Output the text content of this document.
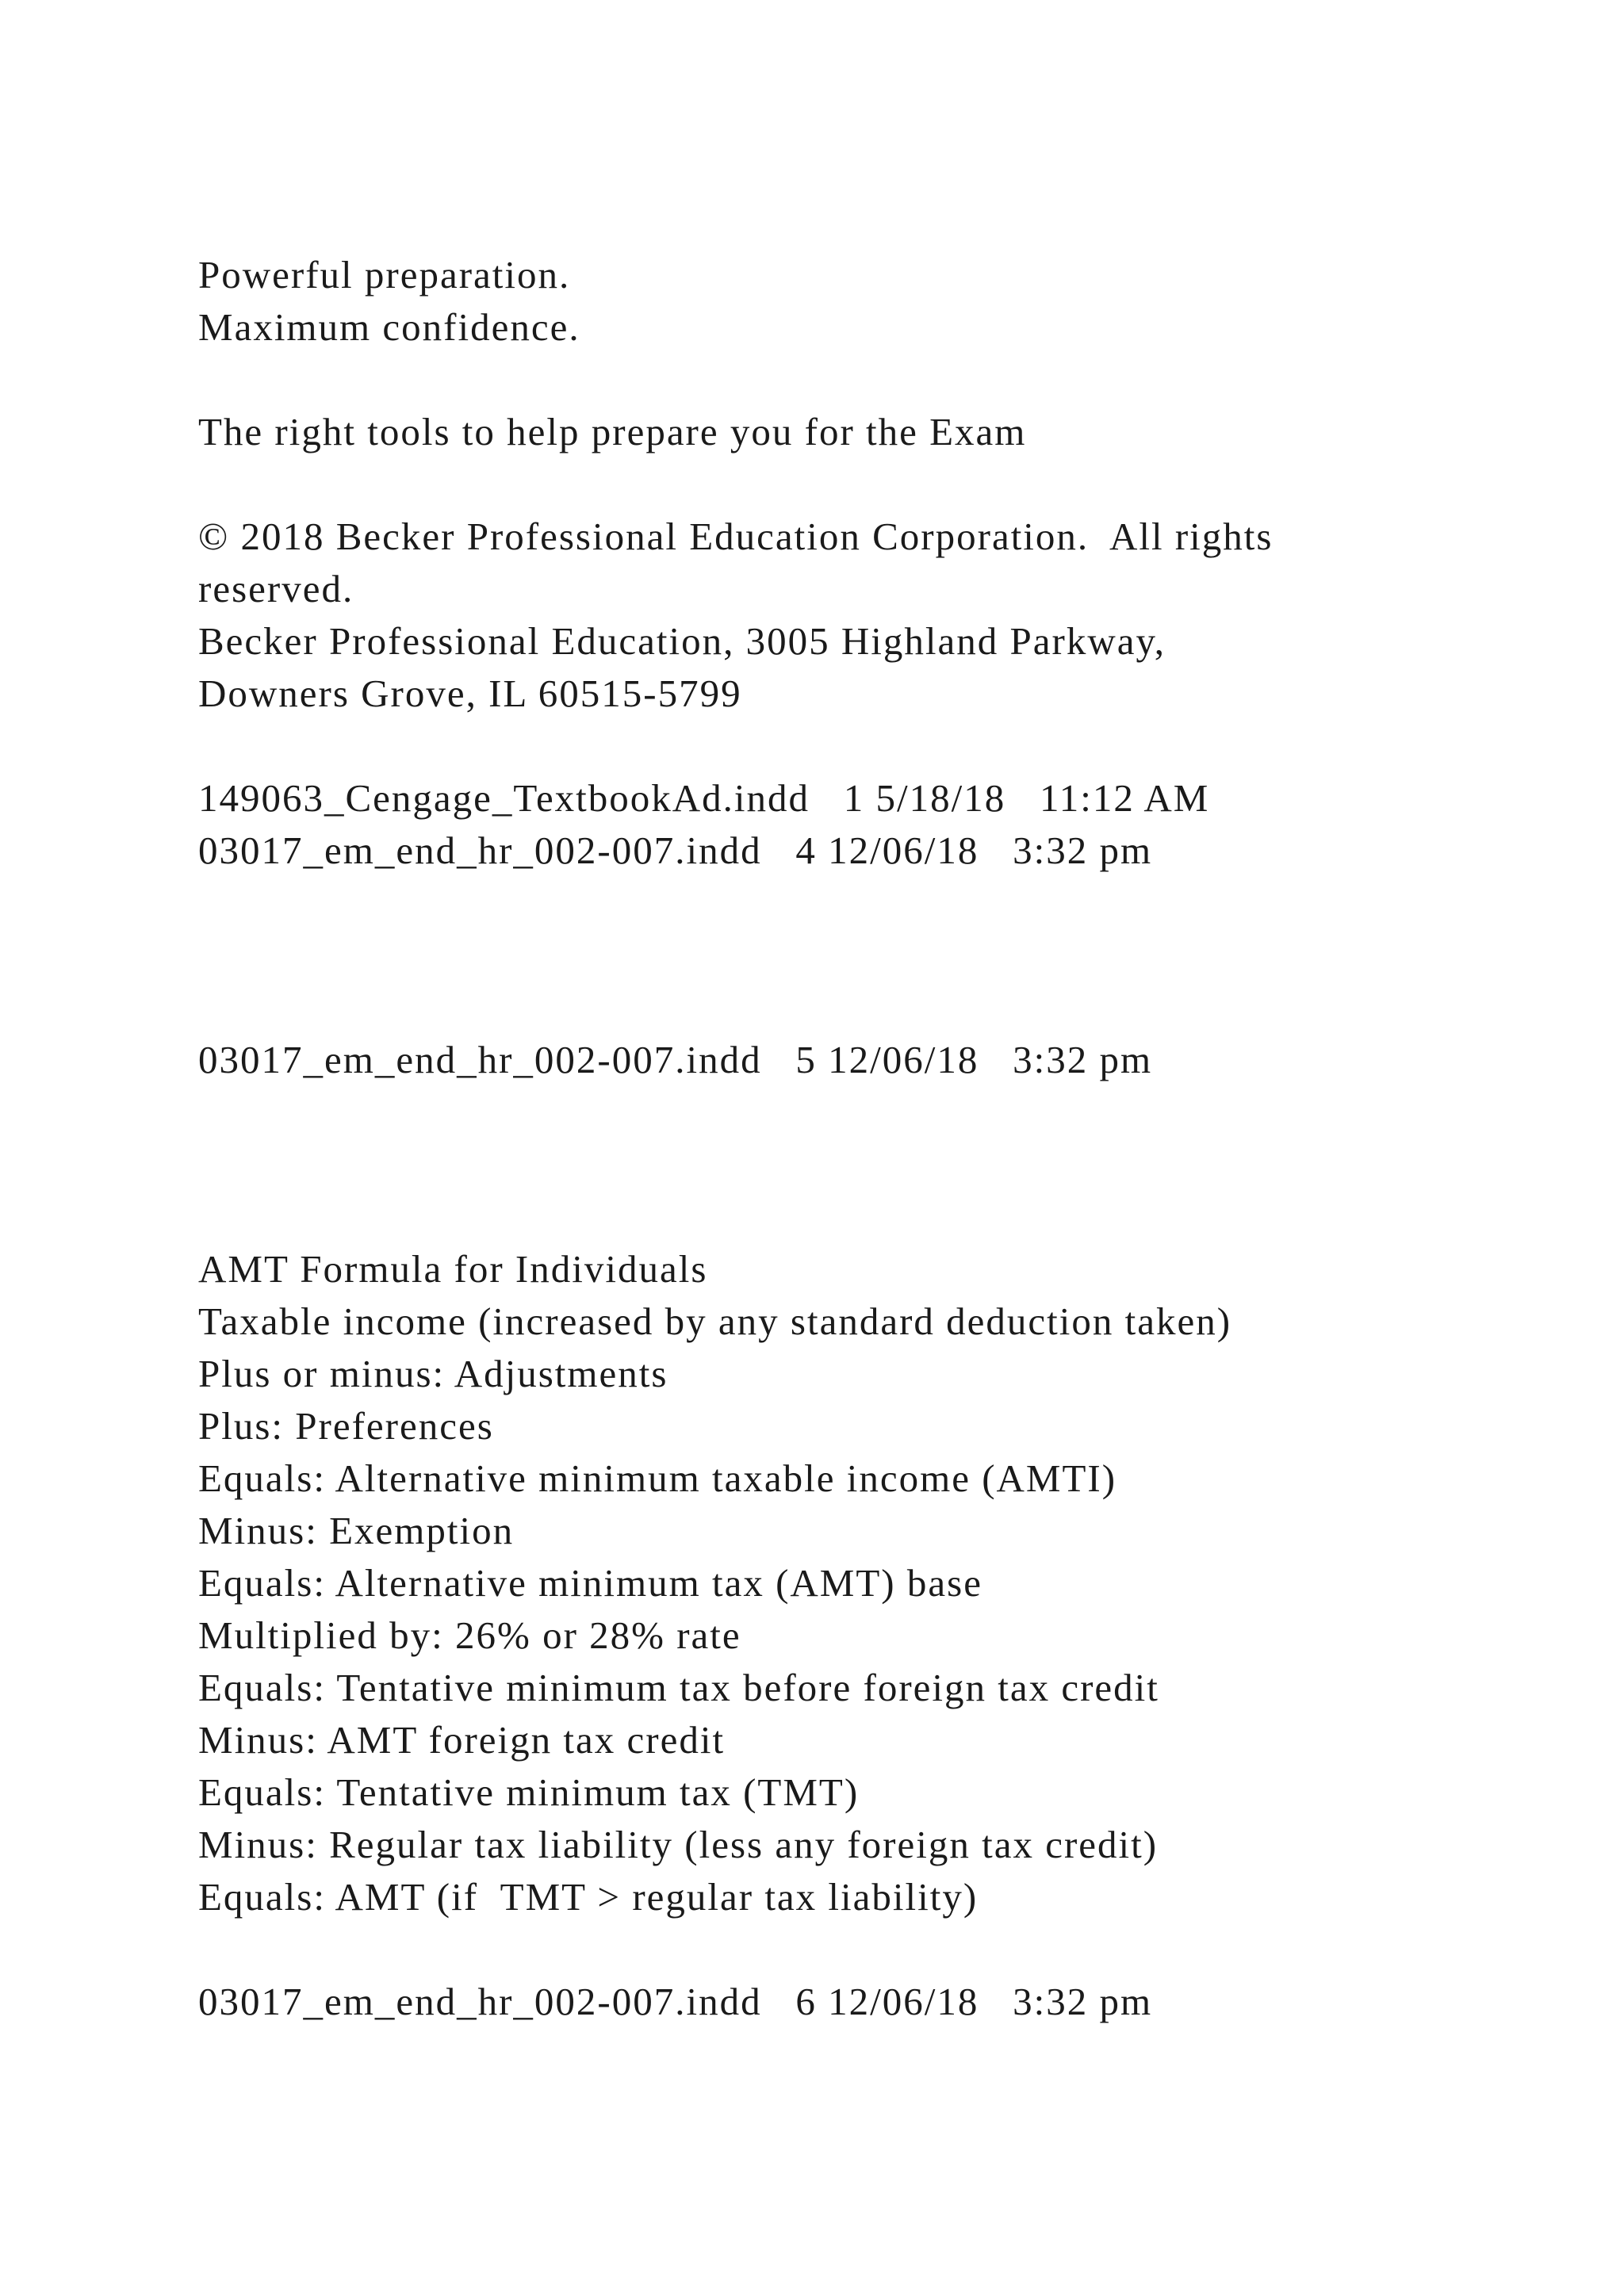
Powerful preparation.
Maximum confidence.
The right tools to help prepare you for the Exam
© 2018 Becker Professional Education Corporation.  All rights
reserved.
Becker Professional Education, 3005 Highland Parkway,
Downers Grove, IL 60515-5799
149063_Cengage_TextbookAd.indd   1 5/18/18   11:12 AM
03017_em_end_hr_002-007.indd   4 12/06/18   3:32 pm
03017_em_end_hr_002-007.indd   5 12/06/18   3:32 pm
AMT Formula for Individuals
Taxable income (increased by any standard deduction taken)
Plus or minus: Adjustments
Plus: Preferences
Equals: Alternative minimum taxable income (AMTI)
Minus: Exemption
Equals: Alternative minimum tax (AMT) base
Multiplied by: 26% or 28% rate
Equals: Tentative minimum tax before foreign tax credit
Minus: AMT foreign tax credit
Equals: Tentative minimum tax (TMT)
Minus: Regular tax liability (less any foreign tax credit)
Equals: AMT (if  TMT > regular tax liability)
03017_em_end_hr_002-007.indd   6 12/06/18   3:32 pm
